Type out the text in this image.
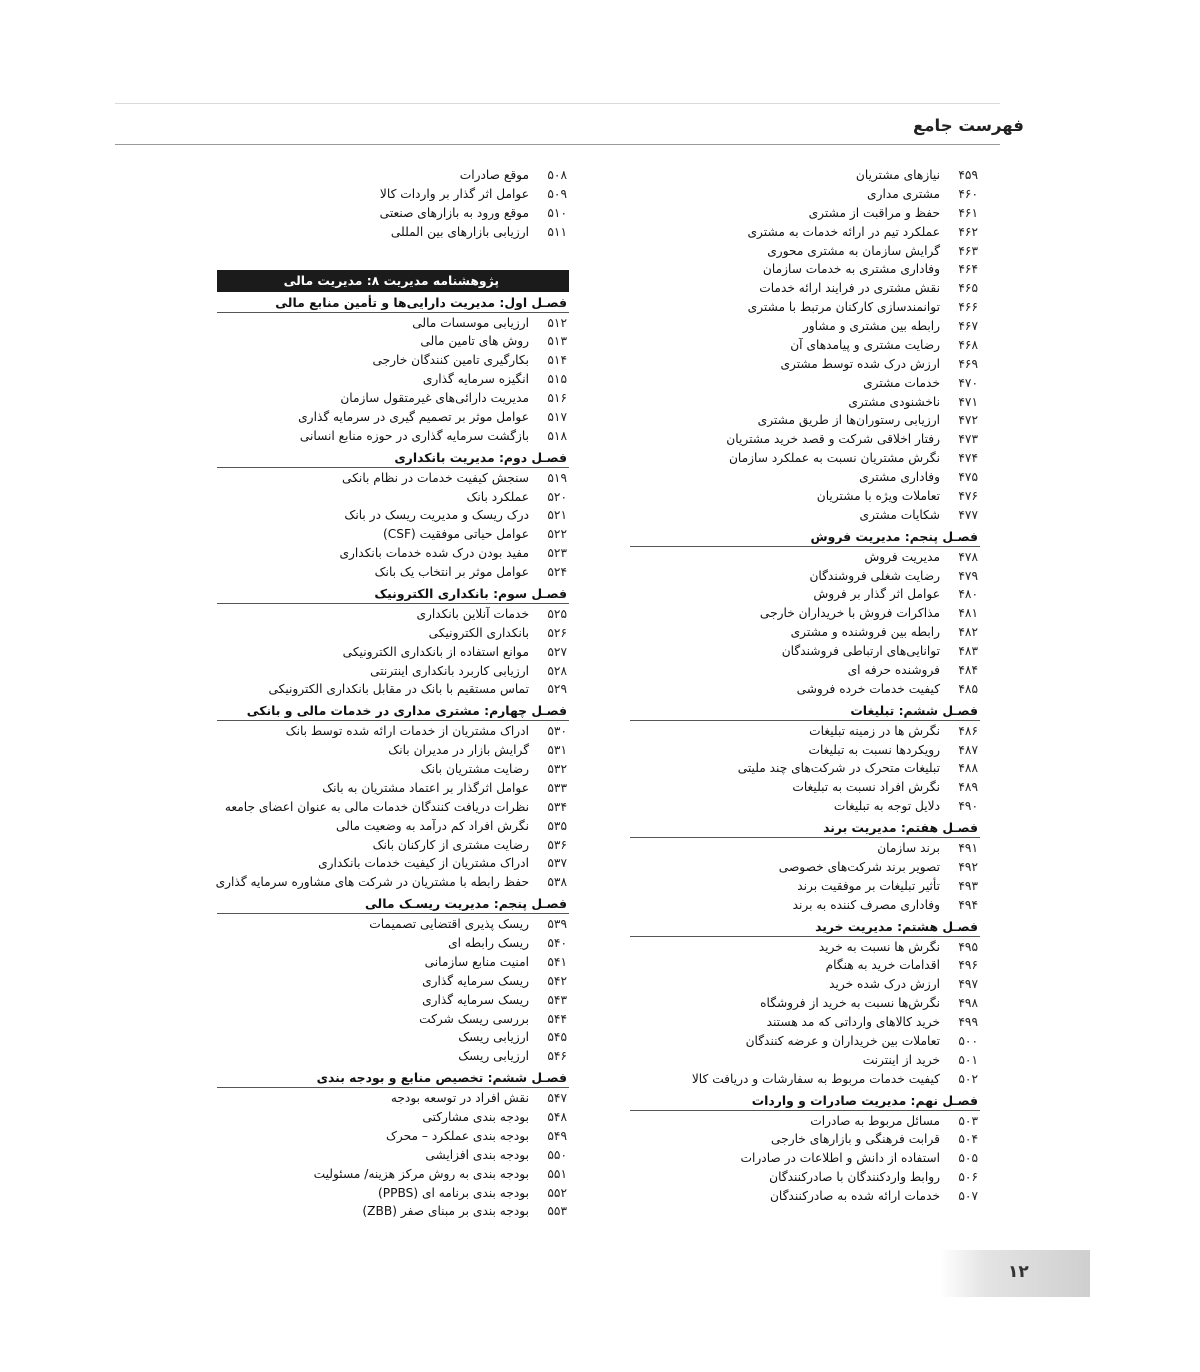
فهرست جامع
۴۵۹
نیازهای مشتریان
۴۶۰
مشتری مداری
۴۶۱
حفظ و مراقبت از مشتری
۴۶۲
عملکرد تیم در ارائه خدمات به مشتری
۴۶۳
گرایش سازمان به مشتری محوری
۴۶۴
وفاداری مشتری به خدمات سازمان
۴۶۵
نقش مشتری در فرایند ارائه خدمات
۴۶۶
توانمندسازی کارکنان مرتبط با مشتری
۴۶۷
رابطه بین مشتری و مشاور
۴۶۸
رضایت مشتری و پیامدهای آن
۴۶۹
ارزش درک شده توسط مشتری
۴۷۰
خدمات مشتری
۴۷۱
ناخشنودی مشتری
۴۷۲
ارزیابی رستوران‌ها از طریق مشتری
۴۷۳
رفتار اخلاقی شرکت و قصد خرید مشتریان
۴۷۴
نگرش مشتریان نسبت به عملکرد سازمان
۴۷۵
وفاداری مشتری
۴۷۶
تعاملات ویژه با مشتریان
۴۷۷
شکایات مشتری
فصـل پنجم: مدیریت فروش
۴۷۸
مدیریت فروش
۴۷۹
رضایت شغلی فروشندگان
۴۸۰
عوامل اثر گذار بر فروش
۴۸۱
مذاکرات فروش با خریداران خارجی
۴۸۲
رابطه بین فروشنده و مشتری
۴۸۳
توانایی‌های ارتباطی فروشندگان
۴۸۴
فروشنده حرفه ای
۴۸۵
کیفیت خدمات خرده فروشی
فصـل ششم: تبلیغات
۴۸۶
نگرش ها در زمینه تبلیغات
۴۸۷
رویکردها نسبت به تبلیغات
۴۸۸
تبلیغات متحرک در شرکت‌های چند ملیتی
۴۸۹
نگرش افراد نسبت به تبلیغات
۴۹۰
دلایل توجه به تبلیغات
فصـل هفتم: مدیریت برند
۴۹۱
برند سازمان
۴۹۲
تصویر برند شرکت‌های خصوصی
۴۹۳
تأثیر تبلیغات بر موفقیت برند
۴۹۴
وفاداری مصرف کننده به برند
فصـل هشتم: مدیریت خرید
۴۹۵
نگرش ها نسبت به خرید
۴۹۶
اقدامات خرید به هنگام
۴۹۷
ارزش درک شده خرید
۴۹۸
نگرش‌ها نسبت به خرید از فروشگاه
۴۹۹
خرید کالاهای وارداتی که مد هستند
۵۰۰
تعاملات بین خریداران و عرضه کنندگان
۵۰۱
خرید از اینترنت
۵۰۲
کیفیت خدمات مربوط به سفارشات و دریافت کالا
فصـل نهم: مدیریت صادرات و واردات
۵۰۳
مسائل مربوط به صادرات
۵۰۴
قرابت فرهنگی و بازارهای خارجی
۵۰۵
استفاده از دانش و اطلاعات در صادرات
۵۰۶
روابط واردکنندگان با صادرکنندگان
۵۰۷
خدمات ارائه شده به صادرکنندگان
۵۰۸
موقع صادرات
۵۰۹
عوامل اثر گذار بر واردات کالا
۵۱۰
موقع ورود به بازارهای صنعتی
۵۱۱
ارزیابی بازارهای بین المللی
پژوهشنامه مدیریت ۸: مدیریت مالی
فصـل اول: مدیریت دارایی‌ها و تأمین منابع مالی
۵۱۲
ارزیابی موسسات مالی
۵۱۳
روش های تامین مالی
۵۱۴
بکارگیری تامین کنندگان خارجی
۵۱۵
انگیزه سرمایه گذاری
۵۱۶
مدیریت دارائی‌های غیرمتقول سازمان
۵۱۷
عوامل موثر بر تصمیم گیری در سرمایه گذاری
۵۱۸
بازگشت سرمایه گذاری در حوزه منابع انسانی
فصـل دوم: مدیریت بانکداری
۵۱۹
سنجش کیفیت خدمات در نظام بانکی
۵۲۰
عملکرد بانک
۵۲۱
درک ریسک و مدیریت ریسک در بانک
۵۲۲
عوامل حیاتی موفقیت (CSF)
۵۲۳
مفید بودن درک شده خدمات بانکداری
۵۲۴
عوامل موثر بر انتخاب یک بانک
فصـل سوم: بانکداری الکترونیک
۵۲۵
خدمات آنلاین بانکداری
۵۲۶
بانکداری الکترونیکی
۵۲۷
موانع استفاده از بانکداری الکترونیکی
۵۲۸
ارزیابی کاربرد بانکداری اینترنتی
۵۲۹
تماس مستقیم با بانک در مقابل بانکداری الکترونیکی
فصـل چهارم: مشتری مداری در خدمات مالی و بانکی
۵۳۰
ادراک مشتریان از خدمات ارائه شده توسط بانک
۵۳۱
گرایش بازار در مدیران بانک
۵۳۲
رضایت مشتریان بانک
۵۳۳
عوامل اثرگذار بر اعتماد مشتریان به بانک
۵۳۴
نظرات دریافت کنندگان خدمات مالی به عنوان اعضای جامعه
۵۳۵
نگرش افراد کم درآمد به وضعیت مالی
۵۳۶
رضایت مشتری از کارکنان بانک
۵۳۷
ادراک مشتریان از کیفیت خدمات بانکداری
۵۳۸
حفظ رابطه با مشتریان در شرکت های مشاوره سرمایه گذاری
فصـل پنجم: مدیریت ریسـک مالی
۵۳۹
ریسک پذیری اقتضایی تصمیمات
۵۴۰
ریسک رابطه ای
۵۴۱
امنیت منابع سازمانی
۵۴۲
ریسک سرمایه گذاری
۵۴۳
ریسک سرمایه گذاری
۵۴۴
بررسی ریسک شرکت
۵۴۵
ارزیابی ریسک
۵۴۶
ارزیابی ریسک
فصـل ششم: تخصیص منابع و بودجه بندی
۵۴۷
نقش افراد در توسعه بودجه
۵۴۸
بودجه بندی مشارکتی
۵۴۹
بودجه بندی عملکرد – محرک
۵۵۰
بودجه بندی افزایشی
۵۵۱
بودجه بندی به روش مرکز هزینه/ مسئولیت
۵۵۲
بودجه بندی برنامه ای (PPBS)
۵۵۳
بودجه بندی بر مبنای صفر (ZBB)
۱۲
